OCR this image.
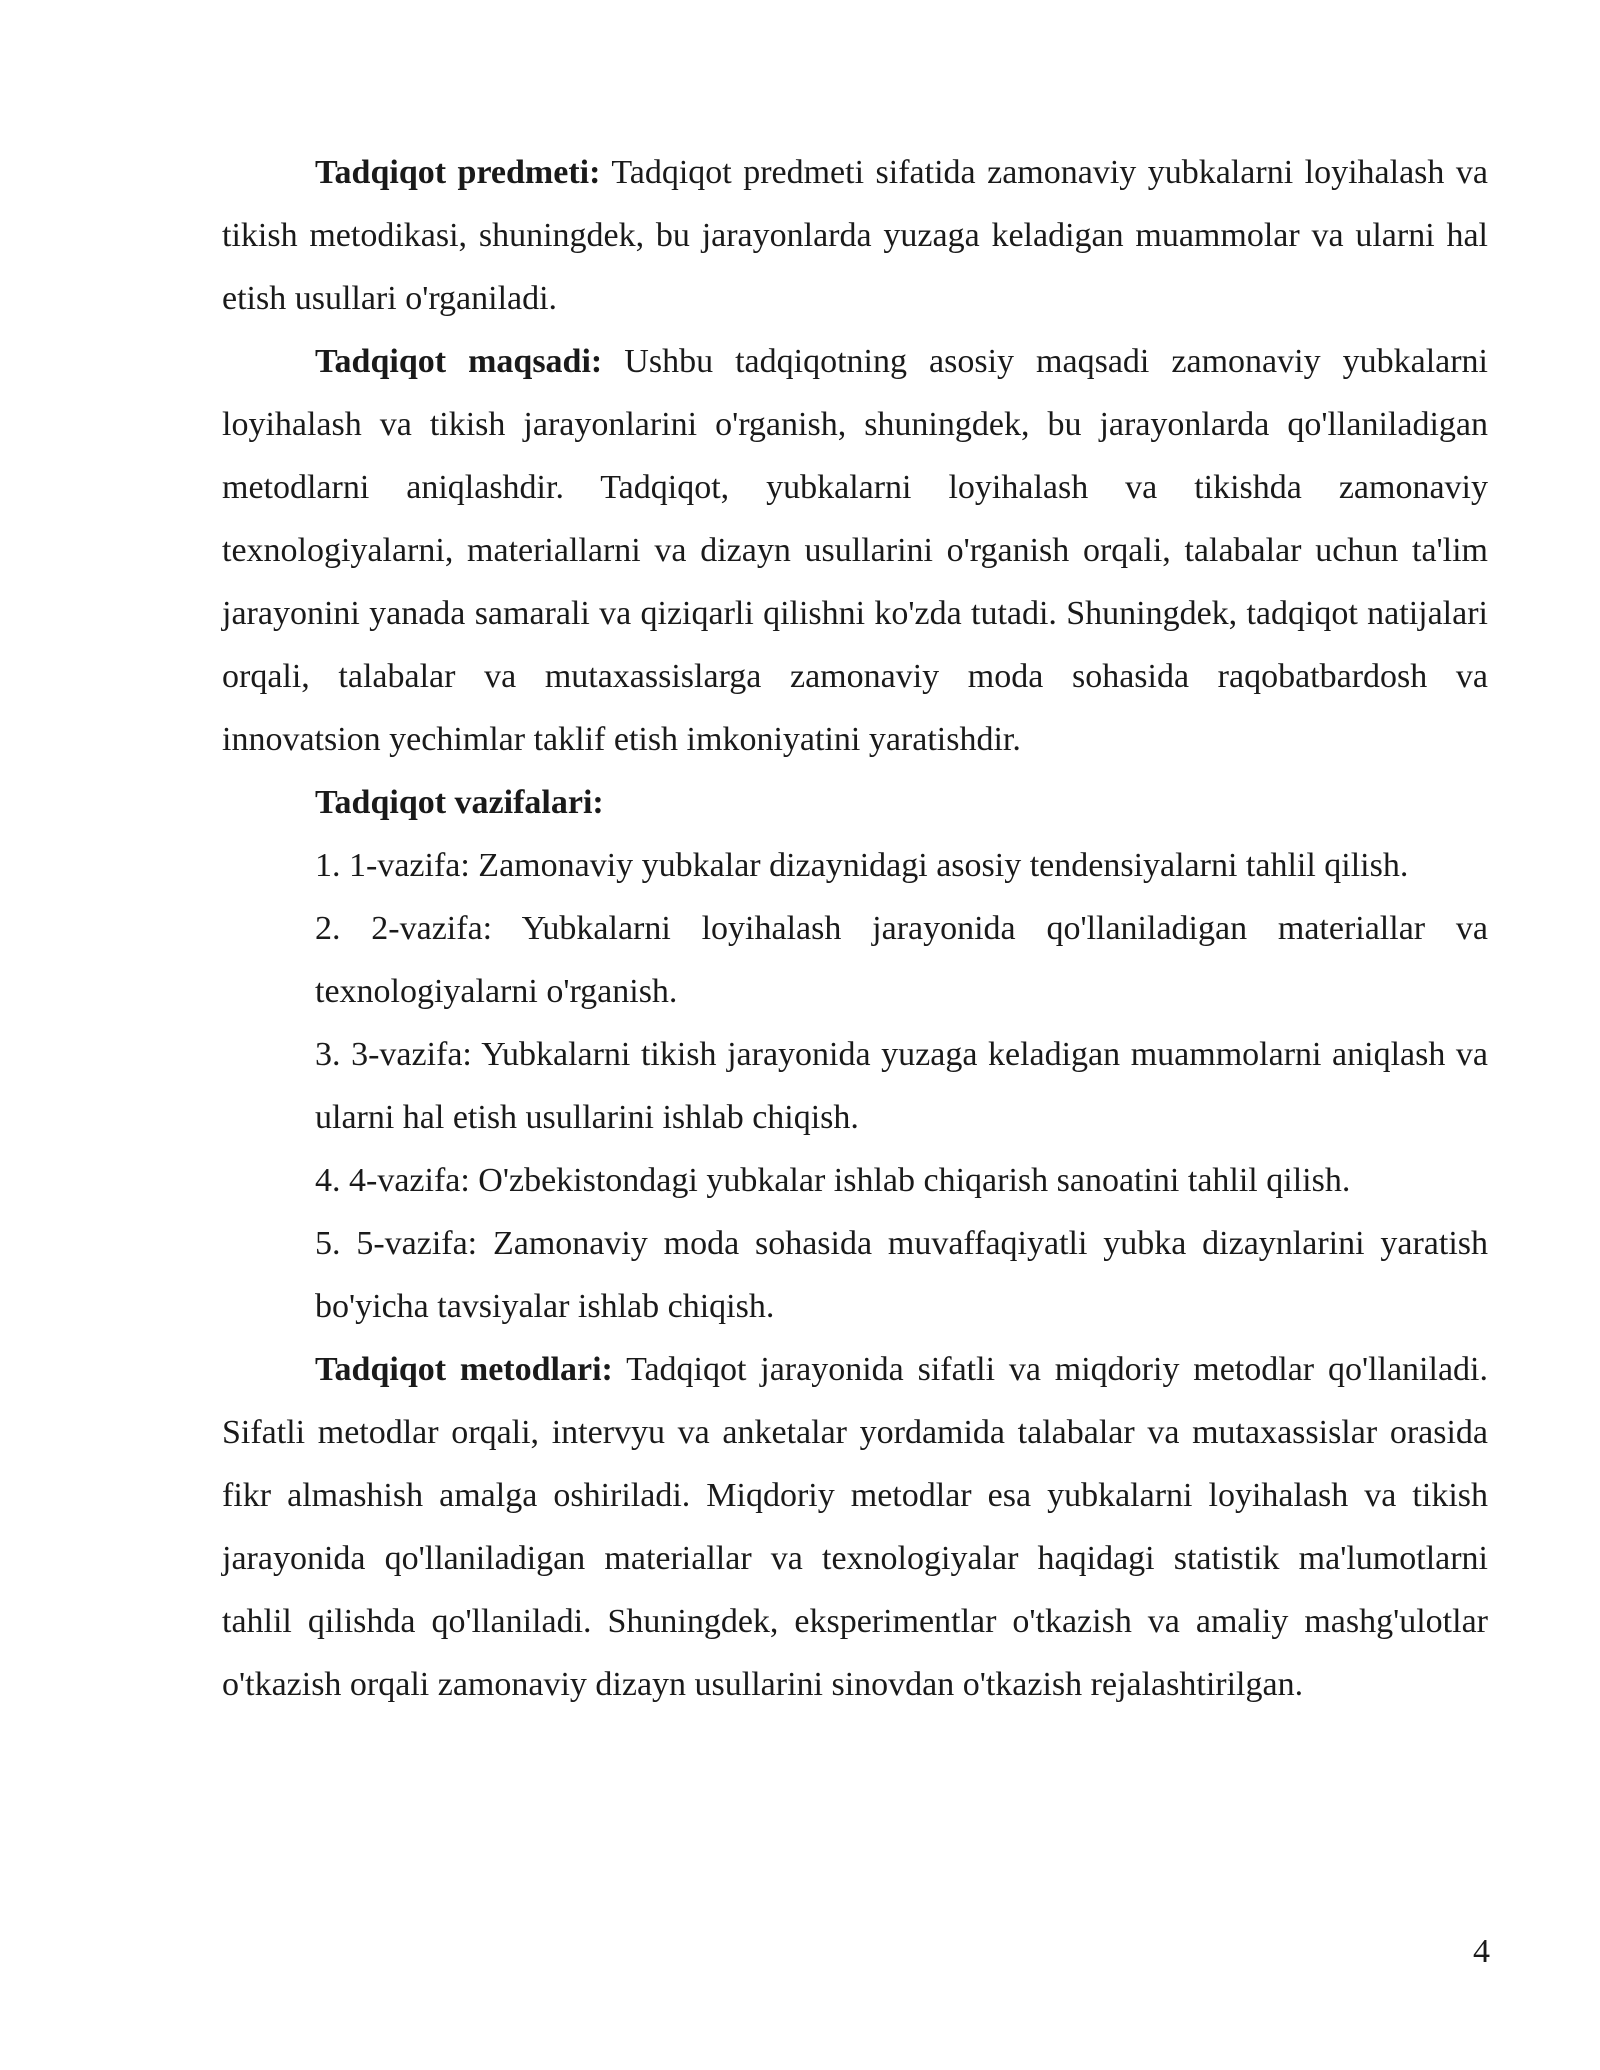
Tadqiqot predmeti: Tadqiqot predmeti sifatida zamonaviy yubkalarni loyihalash va tikish metodikasi, shuningdek, bu jarayonlarda yuzaga keladigan muammolar va ularni hal etish usullari o'rganiladi.

Tadqiqot maqsadi: Ushbu tadqiqotning asosiy maqsadi zamonaviy yubkalarni loyihalash va tikish jarayonlarini o'rganish, shuningdek, bu jarayonlarda qo'llaniladigan metodlarni aniqlashdir. Tadqiqot, yubkalarni loyihalash va tikishda zamonaviy texnologiyalarni, materiallarni va dizayn usullarini o'rganish orqali, talabalar uchun ta'lim jarayonini yanada samarali va qiziqarli qilishni ko'zda tutadi. Shuningdek, tadqiqot natijalari orqali, talabalar va mutaxassislarga zamonaviy moda sohasida raqobatbardosh va innovatsion yechimlar taklif etish imkoniyatini yaratishdir.

Tadqiqot vazifalari:

1. 1-vazifa: Zamonaviy yubkalar dizaynidagi asosiy tendensiyalarni tahlil qilish.

2. 2-vazifa: Yubkalarni loyihalash jarayonida qo'llaniladigan materiallar va texnologiyalarni o'rganish.

3. 3-vazifa: Yubkalarni tikish jarayonida yuzaga keladigan muammolarni aniqlash va ularni hal etish usullarini ishlab chiqish.

4. 4-vazifa: O'zbekistondagi yubkalar ishlab chiqarish sanoatini tahlil qilish.

5. 5-vazifa: Zamonaviy moda sohasida muvaffaqiyatli yubka dizaynlarini yaratish bo'yicha tavsiyalar ishlab chiqish.

Tadqiqot metodlari: Tadqiqot jarayonida sifatli va miqdoriy metodlar qo'llaniladi. Sifatli metodlar orqali, intervyu va anketalar yordamida talabalar va mutaxassislar orasida fikr almashish amalga oshiriladi. Miqdoriy metodlar esa yubkalarni loyihalash va tikish jarayonida qo'llaniladigan materiallar va texnologiyalar haqidagi statistik ma'lumotlarni tahlil qilishda qo'llaniladi. Shuningdek, eksperimentlar o'tkazish va amaliy mashg'ulotlar o'tkazish orqali zamonaviy dizayn usullarini sinovdan o'tkazish rejalashtirilgan.

4
